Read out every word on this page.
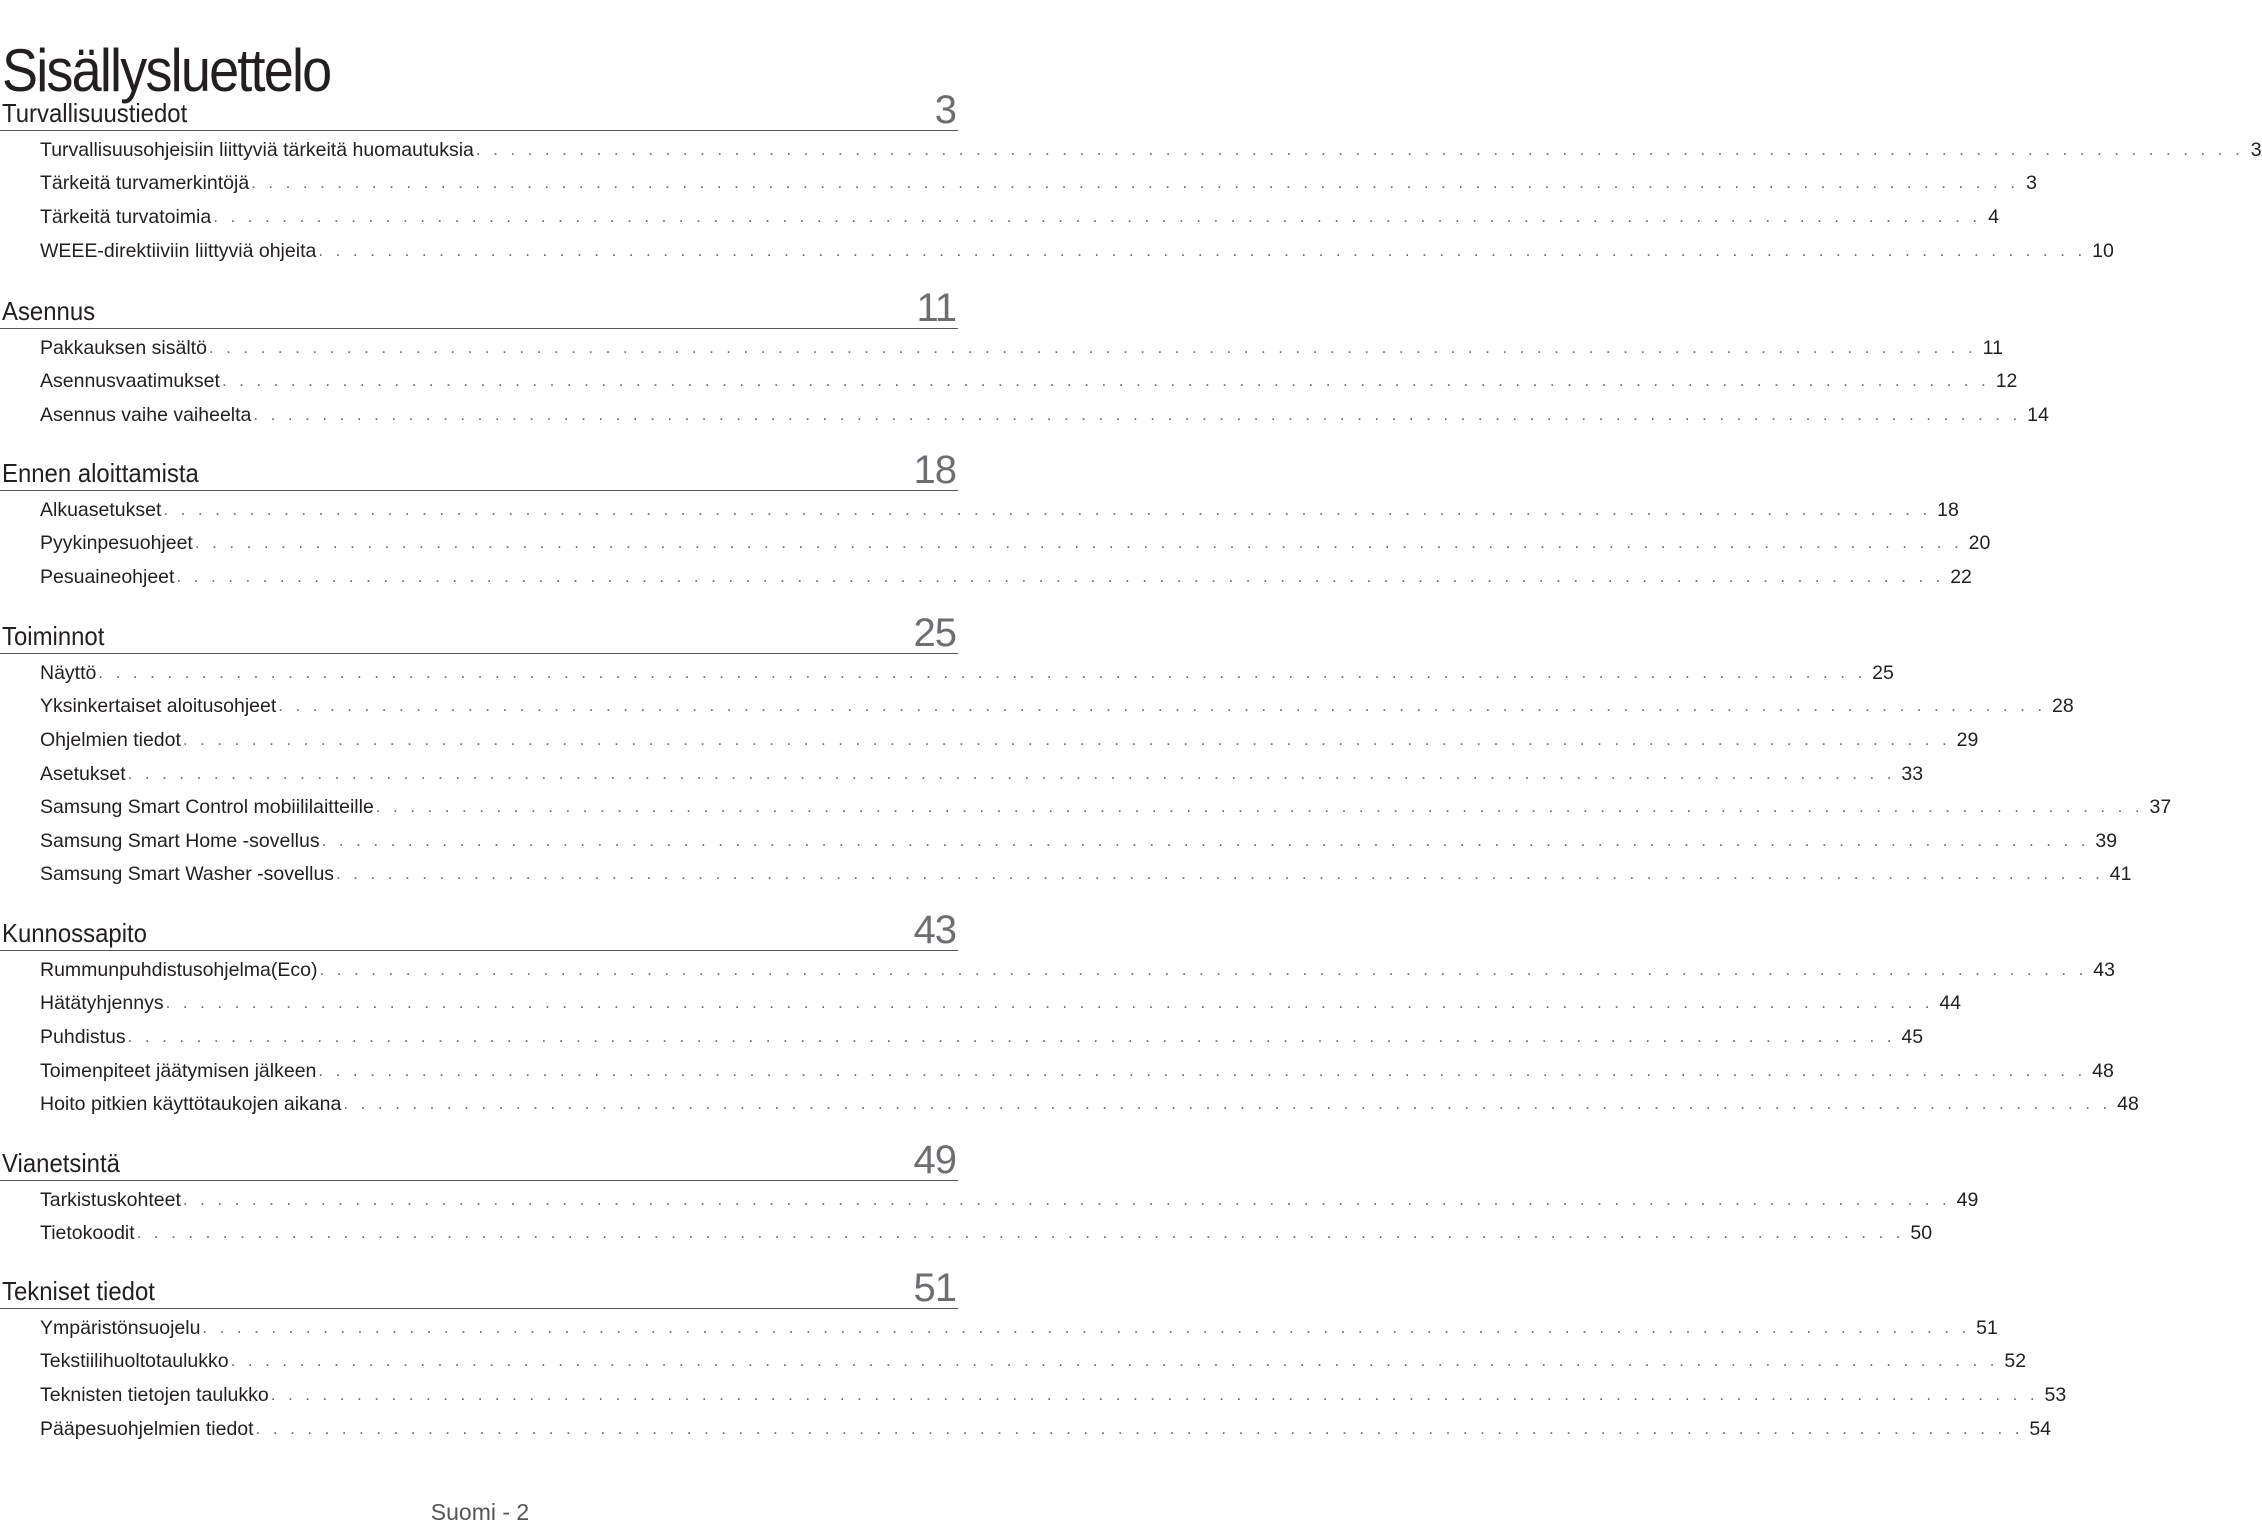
Sisällysluettelo
Turvallisuustiedot	3
Turvallisuusohjeisiin liittyviä tärkeitä huomautuksia . . . . . . . . . . . . . . . . . . . . . . . . . . . . . . . . . . . . . . . . . . . . . . . . . . . . . . . . . . . . . . . . . . . . . . . . . . . . . . . . . . . . . . . . . . . . . . . . . . . . . . . 3
Tärkeitä turvamerkintöjä . . . . . . . . . . . . . . . . . . . . . . . . . . . . . . . . . . . . . . . . . . . . . . . . . . . . . . . . . . . . . . . . . . . . . . . . . . . . . . . . . . . . . . . . . . . . . . . . . . . . . . . 3
Tärkeitä turvatoimia . . . . . . . . . . . . . . . . . . . . . . . . . . . . . . . . . . . . . . . . . . . . . . . . . . . . . . . . . . . . . . . . . . . . . . . . . . . . . . . . . . . . . . . . . . . . . . . . . . . . . . . 4
WEEE-direktiiviin liittyviä ohjeita . . . . . . . . . . . . . . . . . . . . . . . . . . . . . . . . . . . . . . . . . . . . . . . . . . . . . . . . . . . . . . . . . . . . . . . . . . . . . . . . . . . . . . . . . . . . . . . . . . . . . . . 10
Asennus	11
Pakkauksen sisältö . . . . . . . . . . . . . . . . . . . . . . . . . . . . . . . . . . . . . . . . . . . . . . . . . . . . . . . . . . . . . . . . . . . . . . . . . . . . . . . . . . . . . . . . . . . . . . . . . . . . . . . 11
Asennusvaatimukset . . . . . . . . . . . . . . . . . . . . . . . . . . . . . . . . . . . . . . . . . . . . . . . . . . . . . . . . . . . . . . . . . . . . . . . . . . . . . . . . . . . . . . . . . . . . . . . . . . . . . . . 12
Asennus vaihe vaiheelta . . . . . . . . . . . . . . . . . . . . . . . . . . . . . . . . . . . . . . . . . . . . . . . . . . . . . . . . . . . . . . . . . . . . . . . . . . . . . . . . . . . . . . . . . . . . . . . . . . . . . . . 14
Ennen aloittamista	18
Alkuasetukset . . . . . . . . . . . . . . . . . . . . . . . . . . . . . . . . . . . . . . . . . . . . . . . . . . . . . . . . . . . . . . . . . . . . . . . . . . . . . . . . . . . . . . . . . . . . . . . . . . . . . . . 18
Pyykinpesuohjeet . . . . . . . . . . . . . . . . . . . . . . . . . . . . . . . . . . . . . . . . . . . . . . . . . . . . . . . . . . . . . . . . . . . . . . . . . . . . . . . . . . . . . . . . . . . . . . . . . . . . . . . 20
Pesuaineohjeet . . . . . . . . . . . . . . . . . . . . . . . . . . . . . . . . . . . . . . . . . . . . . . . . . . . . . . . . . . . . . . . . . . . . . . . . . . . . . . . . . . . . . . . . . . . . . . . . . . . . . . . 22
Toiminnot	25
Näyttö . . . . . . . . . . . . . . . . . . . . . . . . . . . . . . . . . . . . . . . . . . . . . . . . . . . . . . . . . . . . . . . . . . . . . . . . . . . . . . . . . . . . . . . . . . . . . . . . . . . . . . . 25
Yksinkertaiset aloitusohjeet . . . . . . . . . . . . . . . . . . . . . . . . . . . . . . . . . . . . . . . . . . . . . . . . . . . . . . . . . . . . . . . . . . . . . . . . . . . . . . . . . . . . . . . . . . . . . . . . . . . . . . . 28
Ohjelmien tiedot . . . . . . . . . . . . . . . . . . . . . . . . . . . . . . . . . . . . . . . . . . . . . . . . . . . . . . . . . . . . . . . . . . . . . . . . . . . . . . . . . . . . . . . . . . . . . . . . . . . . . . . 29
Asetukset . . . . . . . . . . . . . . . . . . . . . . . . . . . . . . . . . . . . . . . . . . . . . . . . . . . . . . . . . . . . . . . . . . . . . . . . . . . . . . . . . . . . . . . . . . . . . . . . . . . . . . . 33
Samsung Smart Control mobiililaitteille . . . . . . . . . . . . . . . . . . . . . . . . . . . . . . . . . . . . . . . . . . . . . . . . . . . . . . . . . . . . . . . . . . . . . . . . . . . . . . . . . . . . . . . . . . . . . . . . . . . . . . . 37
Samsung Smart Home -sovellus . . . . . . . . . . . . . . . . . . . . . . . . . . . . . . . . . . . . . . . . . . . . . . . . . . . . . . . . . . . . . . . . . . . . . . . . . . . . . . . . . . . . . . . . . . . . . . . . . . . . . . . 39
Samsung Smart Washer -sovellus . . . . . . . . . . . . . . . . . . . . . . . . . . . . . . . . . . . . . . . . . . . . . . . . . . . . . . . . . . . . . . . . . . . . . . . . . . . . . . . . . . . . . . . . . . . . . . . . . . . . . . . 41
Kunnossapito	43
Rummunpuhdistusohjelma(Eco) . . . . . . . . . . . . . . . . . . . . . . . . . . . . . . . . . . . . . . . . . . . . . . . . . . . . . . . . . . . . . . . . . . . . . . . . . . . . . . . . . . . . . . . . . . . . . . . . . . . . . . . 43
Hätätyhjennys . . . . . . . . . . . . . . . . . . . . . . . . . . . . . . . . . . . . . . . . . . . . . . . . . . . . . . . . . . . . . . . . . . . . . . . . . . . . . . . . . . . . . . . . . . . . . . . . . . . . . . . 44
Puhdistus . . . . . . . . . . . . . . . . . . . . . . . . . . . . . . . . . . . . . . . . . . . . . . . . . . . . . . . . . . . . . . . . . . . . . . . . . . . . . . . . . . . . . . . . . . . . . . . . . . . . . . . 45
Toimenpiteet jäätymisen jälkeen . . . . . . . . . . . . . . . . . . . . . . . . . . . . . . . . . . . . . . . . . . . . . . . . . . . . . . . . . . . . . . . . . . . . . . . . . . . . . . . . . . . . . . . . . . . . . . . . . . . . . . . 48
Hoito pitkien käyttötaukojen aikana . . . . . . . . . . . . . . . . . . . . . . . . . . . . . . . . . . . . . . . . . . . . . . . . . . . . . . . . . . . . . . . . . . . . . . . . . . . . . . . . . . . . . . . . . . . . . . . . . . . . . . . 48
Vianetsintä	49
Tarkistuskohteet . . . . . . . . . . . . . . . . . . . . . . . . . . . . . . . . . . . . . . . . . . . . . . . . . . . . . . . . . . . . . . . . . . . . . . . . . . . . . . . . . . . . . . . . . . . . . . . . . . . . . . . 49
Tietokoodit . . . . . . . . . . . . . . . . . . . . . . . . . . . . . . . . . . . . . . . . . . . . . . . . . . . . . . . . . . . . . . . . . . . . . . . . . . . . . . . . . . . . . . . . . . . . . . . . . . . . . . . 50
Tekniset tiedot	51
Ympäristönsuojelu . . . . . . . . . . . . . . . . . . . . . . . . . . . . . . . . . . . . . . . . . . . . . . . . . . . . . . . . . . . . . . . . . . . . . . . . . . . . . . . . . . . . . . . . . . . . . . . . . . . . . . . 51
Tekstiilihuoltotaulukko . . . . . . . . . . . . . . . . . . . . . . . . . . . . . . . . . . . . . . . . . . . . . . . . . . . . . . . . . . . . . . . . . . . . . . . . . . . . . . . . . . . . . . . . . . . . . . . . . . . . . . . 52
Teknisten tietojen taulukko . . . . . . . . . . . . . . . . . . . . . . . . . . . . . . . . . . . . . . . . . . . . . . . . . . . . . . . . . . . . . . . . . . . . . . . . . . . . . . . . . . . . . . . . . . . . . . . . . . . . . . . 53
Pääpesuohjelmien tiedot . . . . . . . . . . . . . . . . . . . . . . . . . . . . . . . . . . . . . . . . . . . . . . . . . . . . . . . . . . . . . . . . . . . . . . . . . . . . . . . . . . . . . . . . . . . . . . . . . . . . . . . 54
Suomi - 2
